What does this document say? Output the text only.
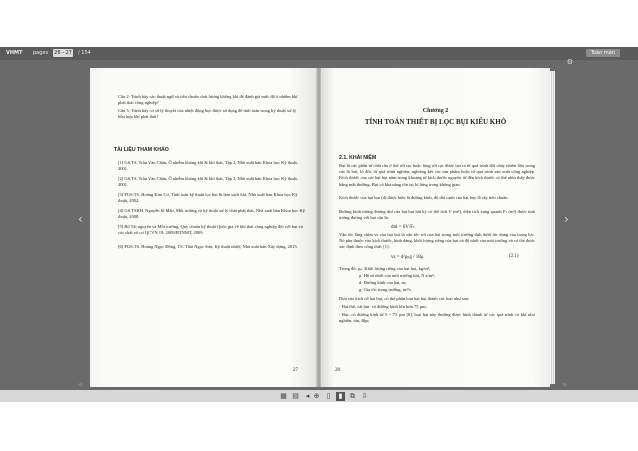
VHMT pages 26 - 27 / 154	Toàn màn
‹	›
«	»
⚙
Câu 2: Trình bày các thuật ngữ và tiêu chuẩn chất lượng không khí để đánh giá mức độ ô nhiễm khí phát thải công nghiệp?
Câu 3: Trình bày cơ sở lý thuyết của nhiệt động học được sử dụng để tính toán trong kỹ thuật xử lý hỗn hợp khí phát thải?
TÀI LIỆU THAM KHẢO
[1] GS.TS. Trần Văn Chấn, Ô nhiễm không khí & khí thải, Tập 2, Nhà xuất bản Khoa học Kỹ thuật, 2001.
[2] GS.TS. Trần Văn Chấn, Ô nhiễm không khí & khí thải, Tập 3, Nhà xuất bản Khoa học Kỹ thuật, 2001.
[3] PGS.TS. Hoàng Kim Cơ, Tính toán kỹ thuật lọc bụi & làm sạch khí, Nhà xuất bản Khoa học Kỹ thuật, 2002.
[4] GS.TSKH. Nguyễn Sĩ Mão, Môi trường và kỹ thuật xử lý chất phát thải, Nhà xuất bản Khoa học Kỹ thuật, 2008.
[5] Bộ Tài nguyên và Môi trường, Quy chuẩn kỹ thuật Quốc gia về khí thải công nghiệp đối với bụi và các chất vô cơ QCVN 19: 2009/BTNMT, 2009.
[6] PGS.TS. Hoàng Ngọc Đồng, TS. Thái Ngọc Sơn, Kỹ thuật nhiệt, Nhà xuất bản Xây dựng, 2015.
27
Chương 2
TÍNH TOÁN THIẾT BỊ LỌC BỤI KIỂU KHÔ
2.1. KHÁI NIỆM
Bụi là các phần tử chất rắn ở thể rời rạc hoặc lòng rời rạc được tạo ra từ quá trình đốt cháy nhiên liệu trong các lò hơi, lò đốt, từ quá trình nghiền, nghiêng kết các sản phẩm hoặc từ quá trình sản xuất công nghiệp. Kích thước của các hạt bụi nằm trong khoảng từ kích thước nguyên tử đến kích thước có thể nhìn thấy được bằng mắt thường. Bụi có khả năng tồn tại lơ lửng trong không gian.
Kích thước của hạt bụi (d) được hiểu là đường kính, độ dài cạnh của hạt hay lỗ rây tiêu chuẩn.
Đường kính tương đương dtd của hạt bụi bất kỳ có thể tích V (m³), diện tích xung quanh Fₛ (m²) được tính tương đương với hạt cầu là:
dtd = 6V/Fₛ
Vận tốc lắng chìm vs của hạt bụi là vận tốc rơi của hạt trong môi trường tĩnh dưới tác dụng của trọng lực. Nó phụ thuộc vào kích thước, hình dáng, khối lượng riêng của hạt và độ nhớt của môi trường và có thể được xác định theo công thức [1]:
vs = d²ρₚg / 18μ	(2.1)
Trong đó: ρₚ: Khối lượng riêng của hạt bụi, kg/m³;
μ: Hệ số nhớt của môi trường khí, N.s/m²;
d: Đường kính của hạt, m;
g: Gia tốc trọng trường, m²/s.
Dựa vào kích cỡ hạt bụi, có thể phân loại hạt bụi thành các loại như sau:
- Hạt thô, cát bụi: có đường kính lớn hơn 75 μm;
- Bụi: có đường kính từ 5 ÷ 75 μm [6], loại hạt này thường được hình thành từ các quá trình cơ khí như nghiền, tán, đập;
28
▦ ▤ ◂ ⊕	▯	▮	⧉ ⇩
